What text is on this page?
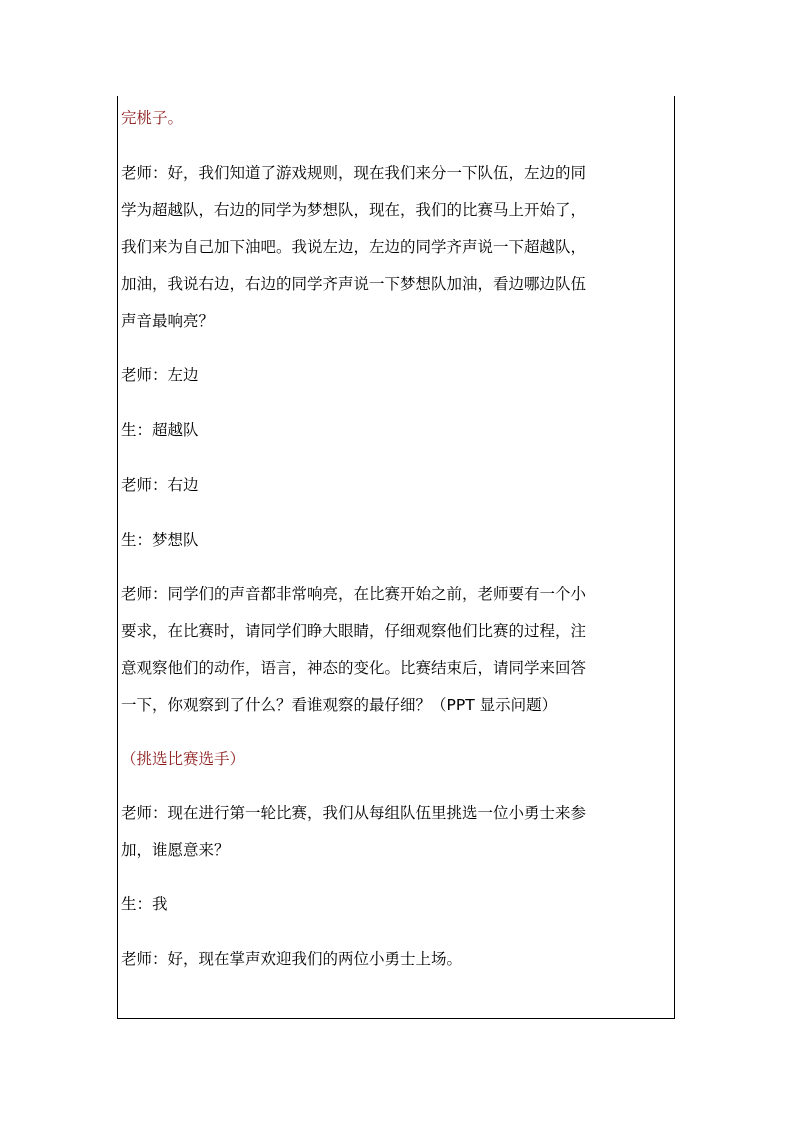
完桃子。

老师：好，我们知道了游戏规则，现在我们来分一下队伍，左边的同

学为超越队，右边的同学为梦想队，现在，我们的比赛马上开始了，

我们来为自己加下油吧。我说左边，左边的同学齐声说一下超越队，

加油，我说右边，右边的同学齐声说一下梦想队加油，看边哪边队伍

声音最响亮？

老师：左边

生：超越队

老师：右边

生：梦想队

老师：同学们的声音都非常响亮，在比赛开始之前，老师要有一个小

要求，在比赛时，请同学们睁大眼睛，仔细观察他们比赛的过程，注

意观察他们的动作，语言，神态的变化。比赛结束后，请同学来回答

一下，你观察到了什么？看谁观察的最仔细？（PPT 显示问题）

（挑选比赛选手）

老师：现在进行第一轮比赛，我们从每组队伍里挑选一位小勇士来参

加，谁愿意来？

生：我

老师：好，现在掌声欢迎我们的两位小勇士上场。
